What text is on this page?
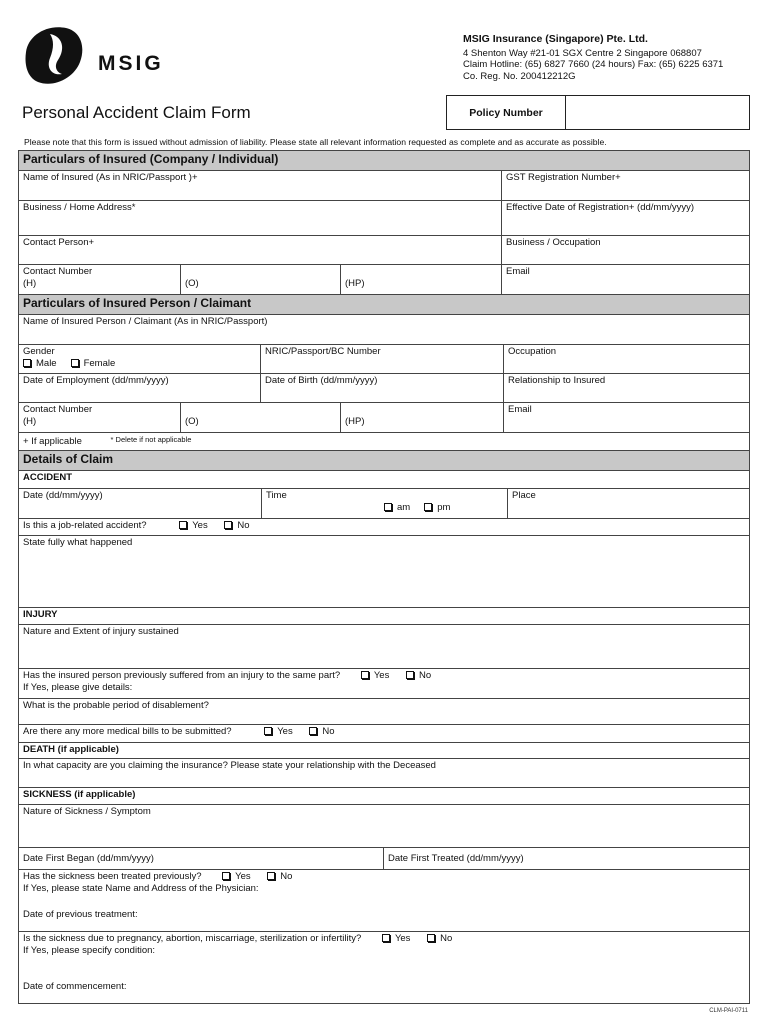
MSIG
MSIG Insurance (Singapore) Pte. Ltd.
4 Shenton Way #21-01 SGX Centre 2 Singapore 068807
Claim Hotline: (65) 6827 7660 (24 hours) Fax: (65) 6225 6371
Co. Reg. No. 200412212G
Personal Accident Claim Form	Policy Number
Please note that this form is issued without admission of liability. Please state all relevant information requested as complete and as accurate as possible.
Particulars of Insured (Company / Individual)			
Name of Insured (As in NRIC/Passport )+			GST Registration Number+
Business / Home Address*			Effective Date of Registration+ (dd/mm/yyyy)
Contact Person+			Business / Occupation

Contact Number
(H)	(O)	(HP)	Email
Particulars of Insured Person / Claimant				
Name of Insured Person / Claimant (As in NRIC/Passport)				

Gender
Male Female		NRIC/Passport/BC Number		Occupation
Date of Employment (dd/mm/yyyy)		Date of Birth (dd/mm/yyyy)		Relationship to Insured

Contact Number
(H)	(O)		(HP)	Email
+ If applicable $^{* Delete if not applicable}$
Details of Claim			
ACCIDENT			
Date (dd/mm/yyyy)	Time
am pm		Place
Is this a job-related accident? Yes No			
State fully what happened			
INJURY			
Nature and Extent of injury sustained			

Has the insured person previously suffered from an injury to the same part? Yes No
If Yes, please give details:			

What is the probable period of disablement?			
Are there any more medical bills to be submitted? Yes No			
DEATH (if applicable)			
In what capacity are you claiming the insurance? Please state your relationship with the Deceased			
SICKNESS (if applicable)			
Nature of Sickness / Symptom			
Date First Began (dd/mm/yyyy)		Date First Treated (dd/mm/yyyy)	

Has the sickness been treated previously? Yes No
If Yes, please state Name and Address of the Physician:
Date of previous treatment:			

Is the sickness due to pregnancy, abortion, miscarriage, sterilization or infertility? Yes No
If Yes, please specify condition:
Date of commencement:			
CLM-PAI-0711
